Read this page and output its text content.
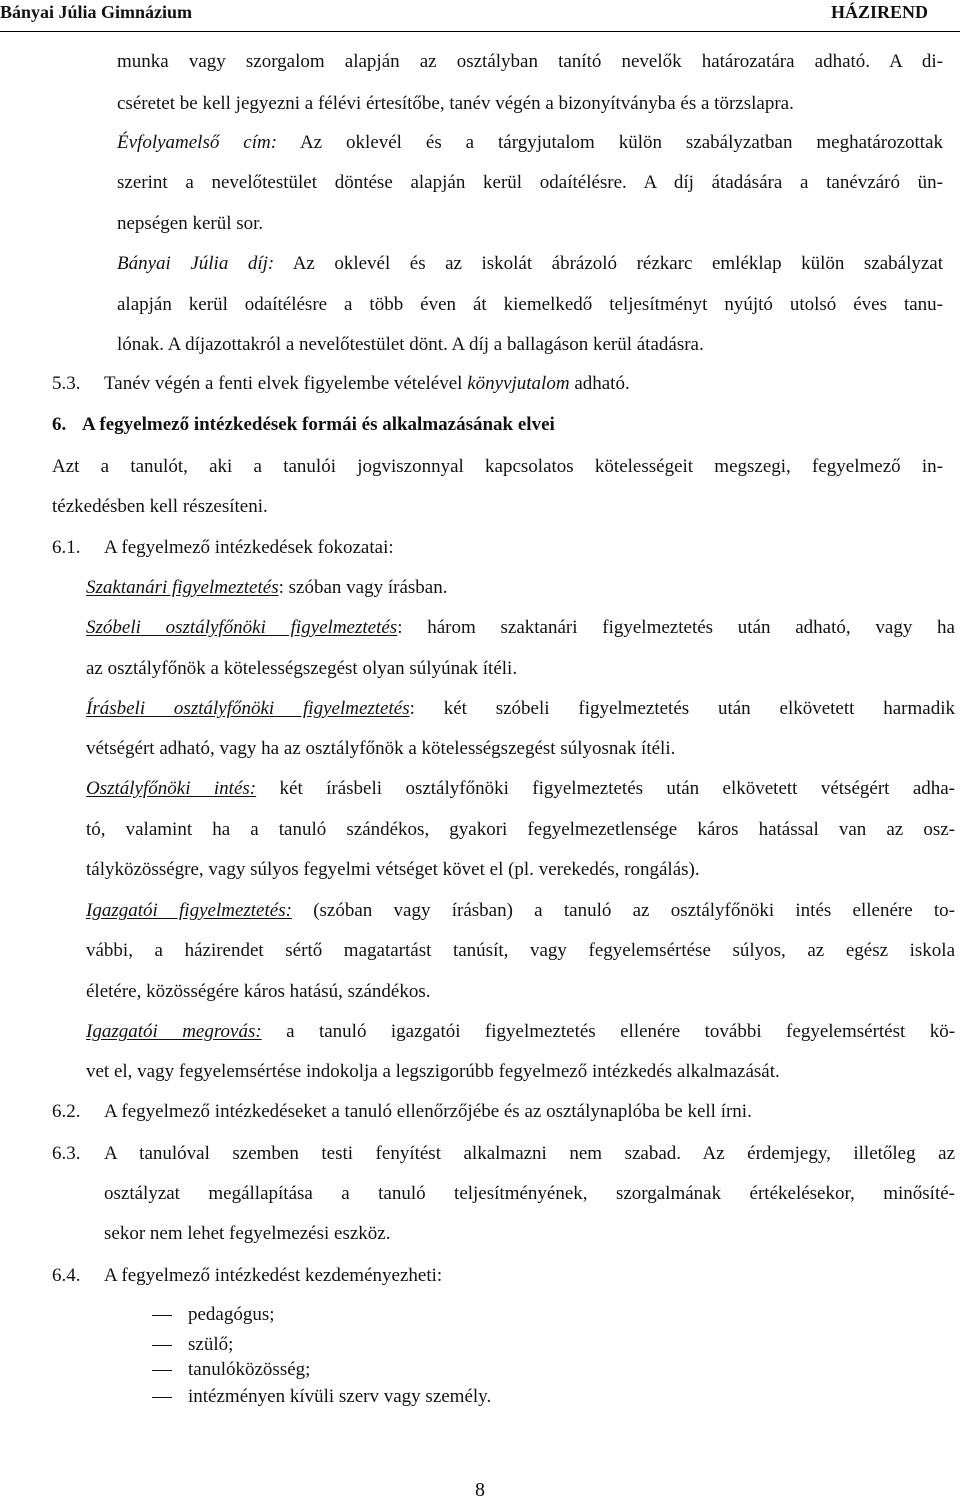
Bányai Júlia Gimnázium	HÁZIREND
munka vagy szorgalom alapján az osztályban tanító nevelők határozatára adható. A di-
cséretet be kell jegyezni a félévi értesítőbe, tanév végén a bizonyítványba és a törzslapra.
Évfolyamelső cím: Az oklevél és a tárgyjutalom külön szabályzatban meghatározottak
szerint a nevelőtestület döntése alapján kerül odaítélésre. A díj átadására a tanévzáró ün-
nepségen kerül sor.
Bányai Júlia díj: Az oklevél és az iskolát ábrázoló rézkarc emléklap külön szabályzat
alapján kerül odaítélésre a több éven át kiemelkedő teljesítményt nyújtó utolsó éves tanu-
lónak. A díjazottakról a nevelőtestület dönt. A díj a ballagáson kerül átadásra.
5.3. Tanév végén a fenti elvek figyelembe vételével könyvjutalom adható.
6. A fegyelmező intézkedések formái és alkalmazásának elvei
Azt a tanulót, aki a tanulói jogviszonnyal kapcsolatos kötelességeit megszegi, fegyelmező in-
tézkedésben kell részesíteni.
6.1. A fegyelmező intézkedések fokozatai:
Szaktanári figyelmeztetés: szóban vagy írásban.
Szóbeli osztályfőnöki figyelmeztetés: három szaktanári figyelmeztetés után adható, vagy ha
az osztályfőnök a kötelességszegést olyan súlyúnak ítéli.
Írásbeli osztályfőnöki figyelmeztetés: két szóbeli figyelmeztetés után elkövetett harmadik
vétségért adható, vagy ha az osztályfőnök a kötelességszegést súlyosnak ítéli.
Osztályfőnöki intés: két írásbeli osztályfőnöki figyelmeztetés után elkövetett vétségért adha-
tó, valamint ha a tanuló szándékos, gyakori fegyelmezetlensége káros hatással van az osz-
tályközösségre, vagy súlyos fegyelmi vétséget követ el (pl. verekedés, rongálás).
Igazgatói figyelmeztetés: (szóban vagy írásban) a tanuló az osztályfőnöki intés ellenére to-
vábbi, a házirendet sértő magatartást tanúsít, vagy fegyelemsértése súlyos, az egész iskola
életére, közösségére káros hatású, szándékos.
Igazgatói megrovás: a tanuló igazgatói figyelmeztetés ellenére további fegyelemsértést kö-
vet el, vagy fegyelemsértése indokolja a legszigorúbb fegyelmező intézkedés alkalmazását.
6.2. A fegyelmező intézkedéseket a tanuló ellenőrzőjébe és az osztálynaplóba be kell írni.
6.3. A tanulóval szemben testi fenyítést alkalmazni nem szabad. Az érdemjegy, illetőleg az
osztályzat megállapítása a tanuló teljesítményének, szorgalmának értékelésekor, minősíté-
sekor nem lehet fegyelmezési eszköz.
6.4. A fegyelmező intézkedést kezdeményezheti:
pedagógus;
szülő;
tanulóközösség;
intézményen kívüli szerv vagy személy.
8
